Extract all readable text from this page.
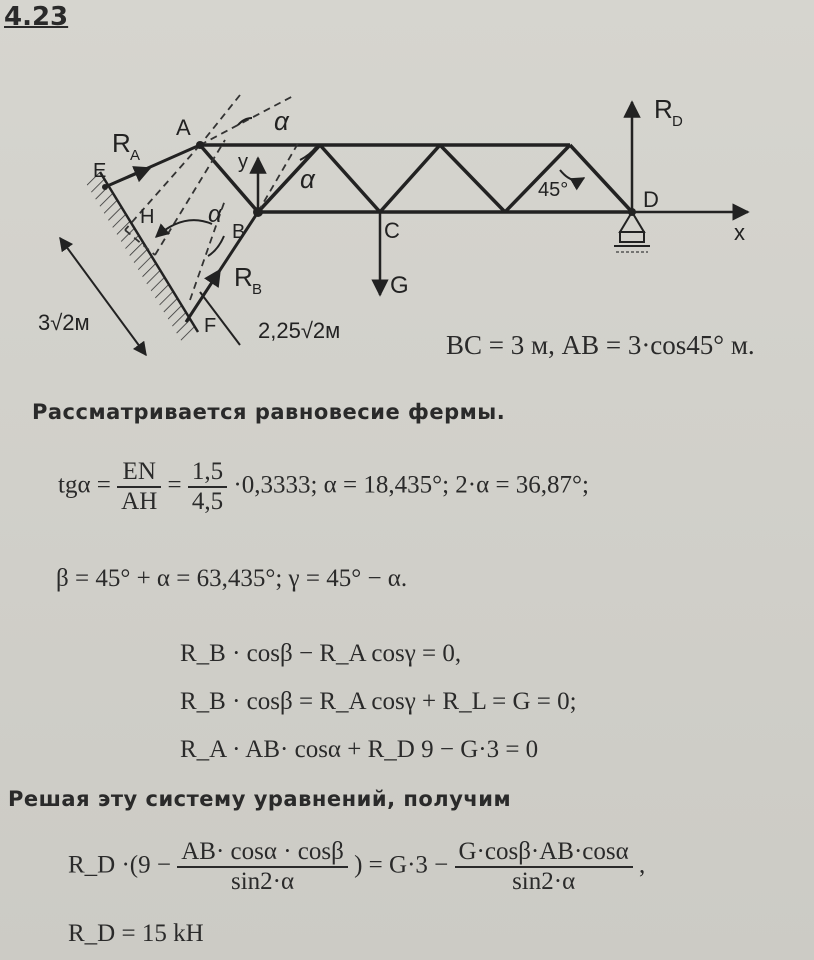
4.23
R A
A
E
H
y
α
α
α
B	C
G
D
R D
x
45°
R B
F
3√2м	2,25√2м	BC = 3 м, AB = 3·cos45° м.
Рассматривается равновесие фермы.
$tg\alpha = \frac{EN}{AH} = \frac{1,5}{4,5} \cdot 0,3333$; α = 18,435°; 2·α = 36,87°;
β = 45° + α = 63,435°; γ = 45° − α.
R_B · cosβ − R_A cosγ = 0,
R_B · cosβ = R_A cosγ + R_L = G = 0;
R_A · AB· cosα + R_D 9 − G·3 = 0
Решая эту систему уравнений, получим
R_D $\cdot(9 - \frac{AB\cdot \cos\alpha \cdot \cos\beta}{\sin 2\cdot\alpha}$ ) = $G\cdot 3 - \frac{G\cdot\cos\beta\cdot AB\cdot\cos\alpha}{\sin 2\cdot\alpha}$ ,
R_D = 15 kH
